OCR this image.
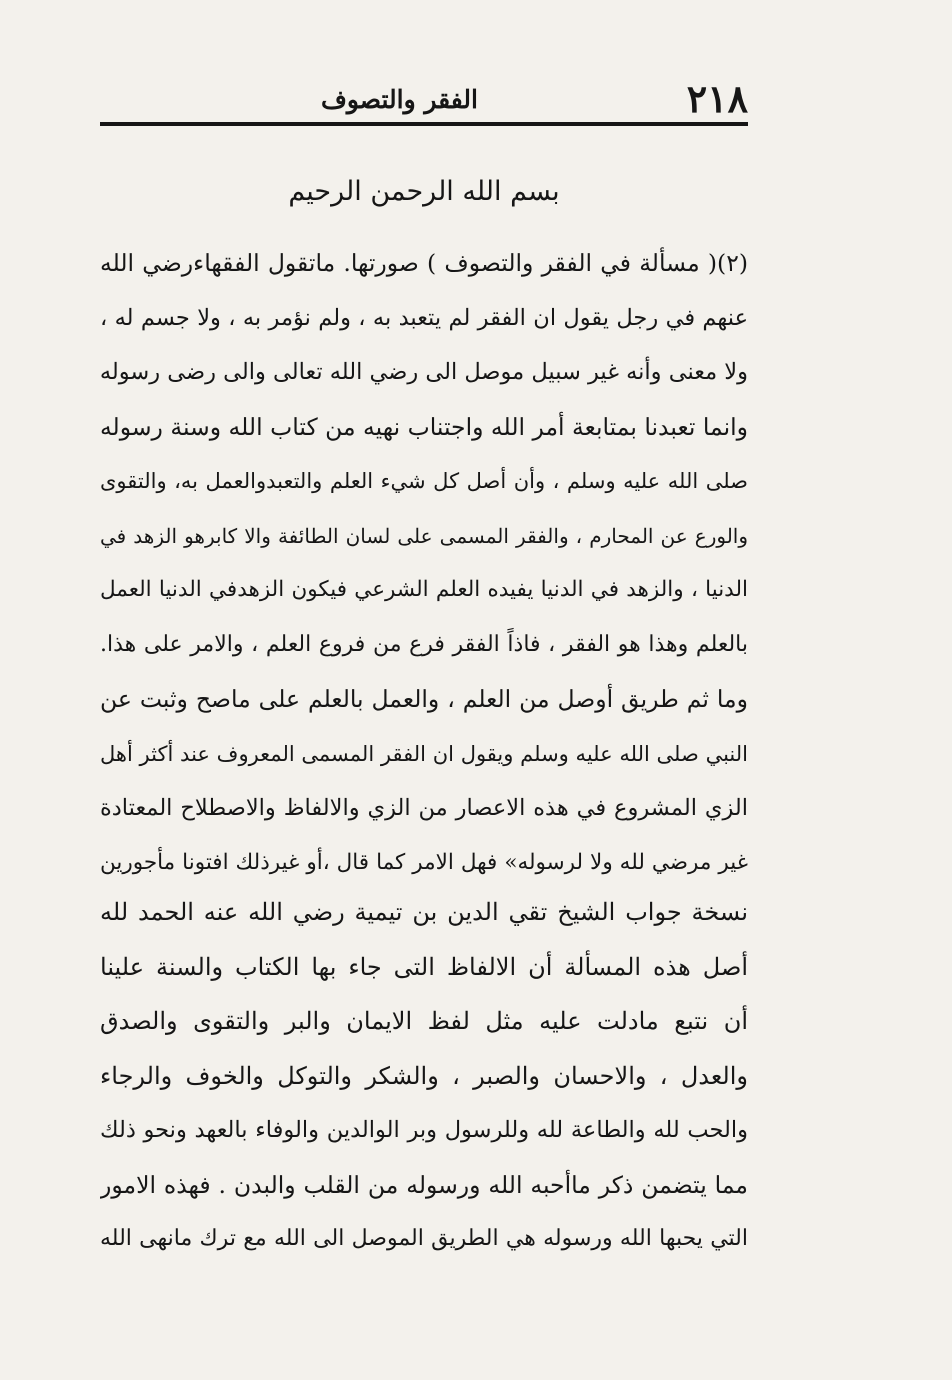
٢١٨
الفقر والتصوف
بسم الله الرحمن الرحيم
(٢)( مسألة في الفقر والتصوف ) صورتها. ماتقول الفقهاءرضي الله
عنهم في رجل يقول ان الفقر لم يتعبد به ، ولم نؤمر به ، ولا جسم له ،
ولا معنى وأنه غير سبيل موصل الى رضي الله تعالى والى رضى رسوله
وانما تعبدنا بمتابعة أمر الله واجتناب نهيه من كتاب الله وسنة رسوله
صلى الله عليه وسلم ، وأن أصل كل شيء العلم والتعبدوالعمل به، والتقوى
والورع عن المحارم ، والفقر المسمى على لسان الطائفة والا كابرهو الزهد في
الدنيا ، والزهد في الدنيا يفيده العلم الشرعي فيكون الزهدفي الدنيا العمل
بالعلم وهذا هو الفقر ، فاذاً الفقر فرع من فروع العلم ، والامر على هذا.
وما ثم طريق أوصل من العلم ، والعمل بالعلم على ماصح وثبت عن
النبي صلى الله عليه وسلم ويقول ان الفقر المسمى المعروف عند أكثر أهل
الزي المشروع في هذه الاعصار من الزي والالفاظ والاصطلاح المعتادة
غير مرضي لله ولا لرسوله» فهل الامر كما قال ،أو غيرذلك افتونا مأجورين
نسخة جواب الشيخ تقي الدين بن تيمية رضي الله عنه الحمد لله
أصل هذه المسألة أن الالفاظ التى جاء بها الكتاب والسنة علينا
أن نتبع مادلت عليه مثل لفظ الايمان والبر والتقوى والصدق
والعدل ، والاحسان والصبر ، والشكر والتوكل والخوف والرجاء
والحب لله والطاعة لله وللرسول وبر الوالدين والوفاء بالعهد ونحو ذلك
مما يتضمن ذكر ماأحبه الله ورسوله من القلب والبدن . فهذه الامور
التي يحبها الله ورسوله هي الطريق الموصل الى الله مع ترك مانهى الله
